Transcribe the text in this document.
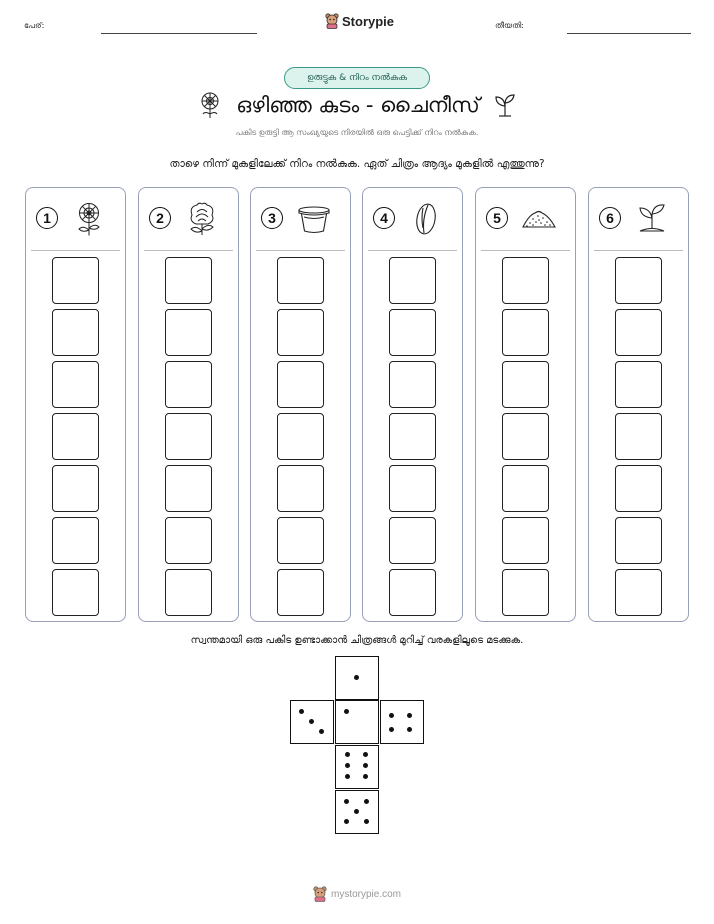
പേര്:	Storypie	തീയതി:
ഉരുട്ടുക & നിറം നൽകുക
ഒഴിഞ്ഞ കുടം - ചൈനീസ്
പകിട ഉരുട്ടി ആ സംഖ്യയുടെ നിരയിൽ ഒരു പെട്ടിക്ക് നിറം നൽകുക.
താഴെ നിന്ന് മുകളിലേക്ക് നിറം നൽകുക. ഏത് ചിത്രം ആദ്യം മുകളിൽ എത്തുന്നു?
1	2	3	4	5	6
സ്വന്തമായി ഒരു പകിട ഉണ്ടാക്കാൻ ചിത്രങ്ങൾ മുറിച്ച് വരകളിലൂടെ മടക്കുക.
mystorypie.com
